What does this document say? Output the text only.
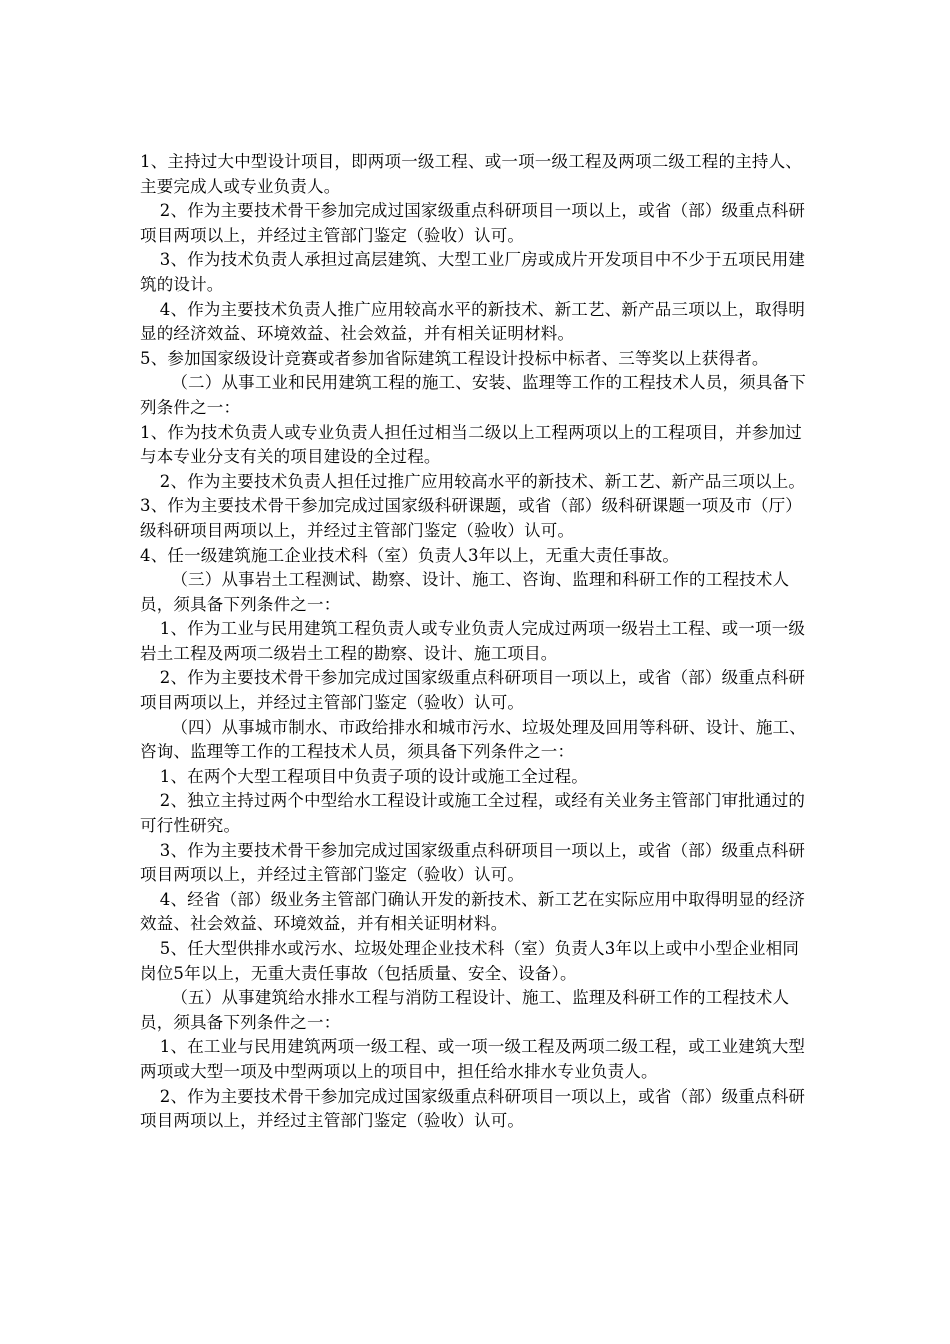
1、主持过大中型设计项目，即两项一级工程、或一项一级工程及两项二级工程的主持人、主要完成人或专业负责人。

2、作为主要技术骨干参加完成过国家级重点科研项目一项以上，或省（部）级重点科研项目两项以上，并经过主管部门鉴定（验收）认可。

3、作为技术负责人承担过高层建筑、大型工业厂房或成片开发项目中不少于五项民用建筑的设计。

4、作为主要技术负责人推广应用较高水平的新技术、新工艺、新产品三项以上，取得明显的经济效益、环境效益、社会效益，并有相关证明材料。

5、参加国家级设计竞赛或者参加省际建筑工程设计投标中标者、三等奖以上获得者。

（二）从事工业和民用建筑工程的施工、安装、监理等工作的工程技术人员，须具备下列条件之一：

1、作为技术负责人或专业负责人担任过相当二级以上工程两项以上的工程项目，并参加过与本专业分支有关的项目建设的全过程。

2、作为主要技术负责人担任过推广应用较高水平的新技术、新工艺、新产品三项以上。

3、作为主要技术骨干参加完成过国家级科研课题，或省（部）级科研课题一项及市（厅）级科研项目两项以上，并经过主管部门鉴定（验收）认可。

4、任一级建筑施工企业技术科（室）负责人3年以上，无重大责任事故。

（三）从事岩土工程测试、勘察、设计、施工、咨询、监理和科研工作的工程技术人员，须具备下列条件之一：

1、作为工业与民用建筑工程负责人或专业负责人完成过两项一级岩土工程、或一项一级岩土工程及两项二级岩土工程的勘察、设计、施工项目。

2、作为主要技术骨干参加完成过国家级重点科研项目一项以上，或省（部）级重点科研项目两项以上，并经过主管部门鉴定（验收）认可。

（四）从事城市制水、市政给排水和城市污水、垃圾处理及回用等科研、设计、施工、咨询、监理等工作的工程技术人员，须具备下列条件之一：

1、在两个大型工程项目中负责子项的设计或施工全过程。

2、独立主持过两个中型给水工程设计或施工全过程，或经有关业务主管部门审批通过的可行性研究。

3、作为主要技术骨干参加完成过国家级重点科研项目一项以上，或省（部）级重点科研项目两项以上，并经过主管部门鉴定（验收）认可。

4、经省（部）级业务主管部门确认开发的新技术、新工艺在实际应用中取得明显的经济效益、社会效益、环境效益，并有相关证明材料。

5、任大型供排水或污水、垃圾处理企业技术科（室）负责人3年以上或中小型企业相同岗位5年以上，无重大责任事故（包括质量、安全、设备）。

（五）从事建筑给水排水工程与消防工程设计、施工、监理及科研工作的工程技术人员，须具备下列条件之一：

1、在工业与民用建筑两项一级工程、或一项一级工程及两项二级工程，或工业建筑大型两项或大型一项及中型两项以上的项目中，担任给水排水专业负责人。

2、作为主要技术骨干参加完成过国家级重点科研项目一项以上，或省（部）级重点科研项目两项以上，并经过主管部门鉴定（验收）认可。
